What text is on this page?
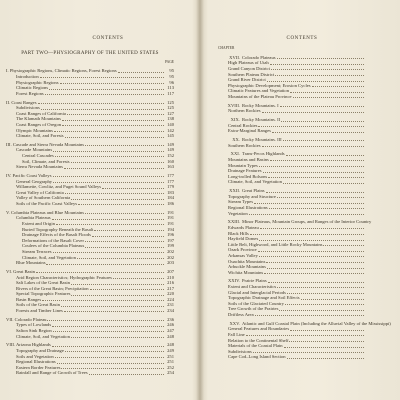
CONTENTS
PART TWO—PHYSIOGRAPHY OF THE UNITED STATES
PAGE
I. Physiographic Regions, Climatic Regions, Forest Regions	95
Introduction	95
Physiographic Regions	96
Climatic Regions	113
Forest Regions	117
II. Coast Ranges	125
Subdivisions	125
Coast Ranges of California	127
The Klamath Mountains	138
Coast Ranges of Oregon	140
Olympic Mountains	142
Climate, Soil, and Forests	145
III. Cascade and Sierra Nevada Mountains	149
Cascade Mountains	149
Central Cascades	152
Soil, Climate, and Forests	160
Sierra Nevada Mountains	163
IV. Pacific Coast Valleys	177
General Geography	177
Willamette, Cowlitz, and Puget Sound Valleys	179
Great Valley of California	183
Valley of Southern California	184
Soils of the Pacific Coast Valleys	186
V. Columbia Plateaus and Blue Mountains	191
Columbia Plateaus	191
Extent and Origin	191
Buried Topography Beneath the Basalt	194
Drainage Effects of the Basalt Floods	196
Deformations of the Basalt Cover	197
Coulees of the Columbia Plateaus	199
Stream Terraces	202
Climate, Soil, and Vegetation	202
Blue Mountains	203
VI. Great Basin	207
Arid Region Characteristics; Hydrographic Features	210
Salt Lakes of the Great Basin	216
Rivers of the Great Basin; Precipitation	217
Special Topographic Features	220
Basin Ranges	224
Soils of the Great Basin	231
Forests and Timber Lines	234
VII. Colorado Plateau	236
Types of Lowlands	246
Salton Sink Region	247
Climate, Soil, and Vegetation	248
VIII. Arizona Highlands	248
Topography and Drainage	249
Soils and Vegetation	251
Regional Illustrations	251
Eastern Border Features	252
Rainfall and Range of Growth of Trees	254
CONTENTS
CHAPTER
XVII. Colorado Plateaus
High Plateaus of Utah
Grand Canyon District
Southern Plateau District
Grand River District
Physiographic Development; Erosion Cycles
Climatic Features and Vegetation
Mountains of the Plateau Province
XVIII. Rocky Mountains. I
Northern Rockies
XIX. Rocky Mountains. II
Central Rockies
Extra-Marginal Ranges
XX. Rocky Mountains. III
Southern Rockies
XXI. Trans-Pecos Highlands
Mountains and Basins
Mountain Types
Drainage Features
Long-trolled Bolsons
Climate, Soil, and Vegetation
XXII. Great Plains
Topography and Structure
Stream Types
Regional Illustrations
Vegetation
XXIII. Minor Plateaus, Mountain Groups, and Ranges of the Interior Country
Edwards Plateau
Black Hills
Hayfield Domes
Little Belt, Highwood, and Little Rocky Mountains
Ozark Province
Arkansas Valley
Ouachita Mountains
Arbuckle Mountains
Wichita Mountains
XXIV. Prairie Plains
Extent and Characteristics
Glacial and Interglacial Periods
Topographic Drainage and Soil Effects
Soils of the Glaciated Country
Tree Growth of the Prairies
Driftless Area
XXV. Atlantic and Gulf Coastal Plain (Including the Alluvial Valley of the Mississippi)
General Features and Boundaries
Fall Line
Relation to the Continental Shelf
Materials of the Coastal Plain
Subdivisions
Cape Cod–Long Island Section
